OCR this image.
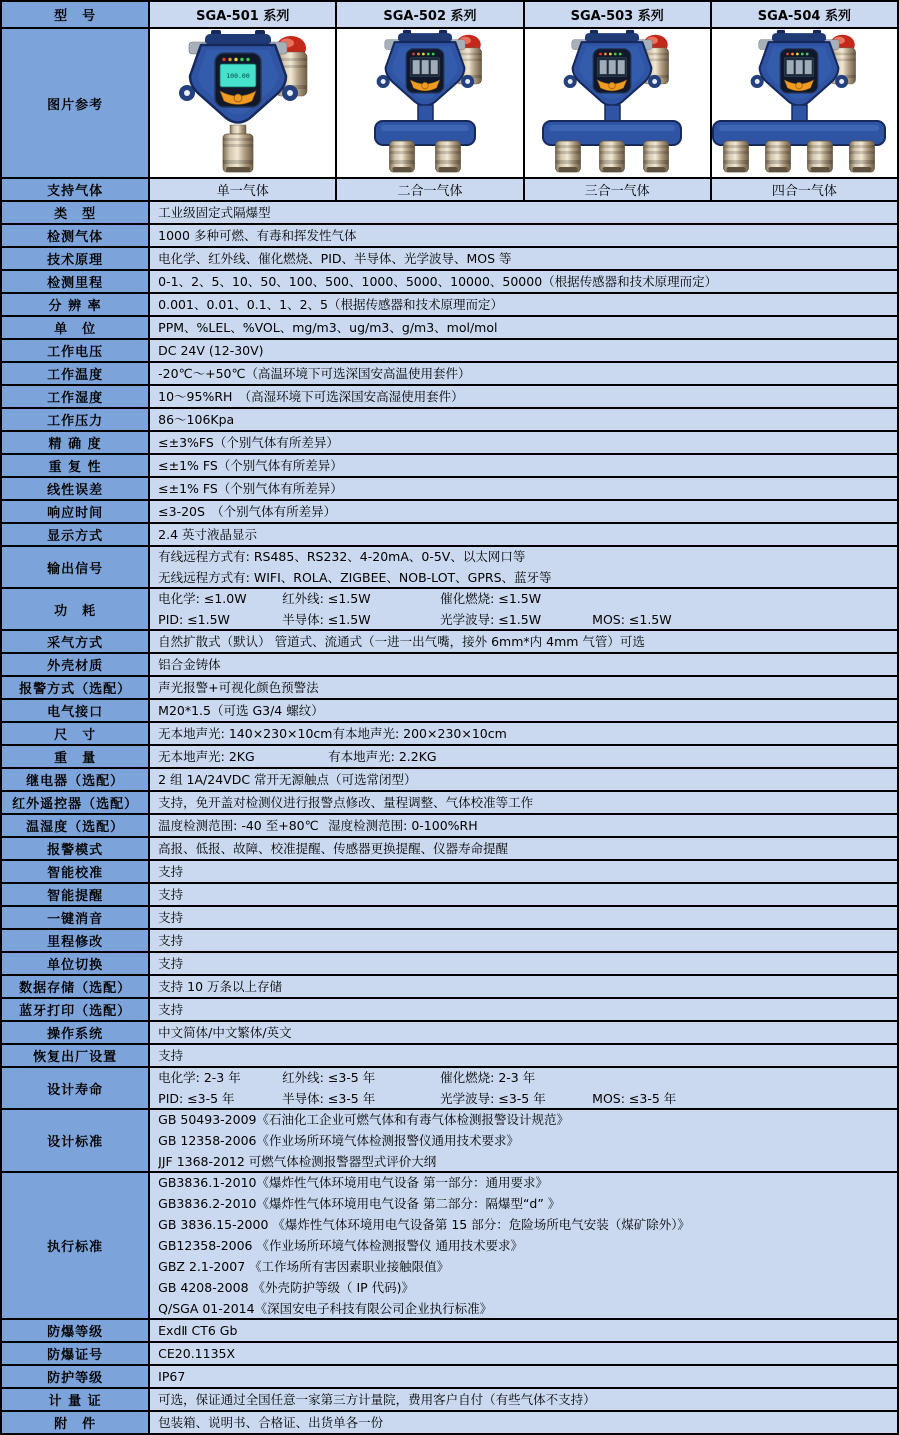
型　号	SGA-501 系列	SGA-502 系列	SGA-503 系列	SGA-504 系列
图片参考	100.00

支持气体	单一气体	二合一气体	三合一气体	四合一气体
类　型	工业级固定式隔爆型			

检测气体	1000 多种可燃、有毒和挥发性气体			

技术原理	电化学、红外线、催化燃烧、PID、半导体、光学波导、MOS 等			

检测里程	0-1、2、5、10、50、100、500、1000、5000、10000、50000（根据传感器和技术原理而定）			

分 辨 率	0.001、0.01、0.1、1、2、5（根据传感器和技术原理而定）			

单　位	PPM、%LEL、%VOL、mg/m3、ug/m3、g/m3、mol/mol			

工作电压	DC 24V (12-30V)			

工作温度	-20℃～+50℃（高温环境下可选深国安高温使用套件）			

工作湿度	10～95%RH　（高湿环境下可选深国安高湿使用套件）			

工作压力	86～106Kpa			

精 确 度	≤±3%FS（个别气体有所差异）			

重 复 性	≤±1% FS（个别气体有所差异）			

线性误差	≤±1% FS（个别气体有所差异）			

响应时间	≤3-20S　（个别气体有所差异）			

显示方式	2.4 英寸液晶显示			

输出信号	有线远程方式有: RS485、RS232、4-20mA、0-5V、以太网口等
无线远程方式有: WIFI、ROLA、ZIGBEE、NOB-LOT、GPRS、蓝牙等			

功　耗	电化学: ≤1.0W 红外线: ≤1.5W 催化燃烧: ≤1.5W
PID: ≤1.5W 半导体: ≤1.5W 光学波导: ≤1.5W MOS: ≤1.5W			

采气方式	自然扩散式（默认） 管道式、流通式（一进一出气嘴，接外 6mm*内 4mm 气管）可选			

外壳材质	铝合金铸体			

报警方式（选配）	声光报警+可视化颜色预警法			

电气接口	M20*1.5（可选 G3/4 螺纹）			

尺　寸	无本地声光: 140×230×10cm有本地声光: 200×230×10cm			

重　量	无本地声光: 2KG 有本地声光: 2.2KG			

继电器（选配）	2 组 1A/24VDC 常开无源触点（可选常闭型）			

红外遥控器（选配）	支持，免开盖对检测仪进行报警点修改、量程调整、气体校准等工作			

温湿度（选配）	温度检测范围: -40 至+80℃ 湿度检测范围: 0-100%RH			

报警模式	高报、低报、故障、校准提醒、传感器更换提醒、仪器寿命提醒			

智能校准	支持			

智能提醒	支持			

一键消音	支持			

里程修改	支持			

单位切换	支持			

数据存储（选配）	支持 10 万条以上存储			

蓝牙打印（选配）	支持			

操作系统	中文简体/中文繁体/英文			

恢复出厂设置	支持			

设计寿命	电化学: 2-3 年 红外线: ≤3-5 年 催化燃烧: 2-3 年
PID: ≤3-5 年 半导体: ≤3-5 年 光学波导: ≤3-5 年 MOS: ≤3-5 年			

设计标准	GB 50493-2009《石油化工企业可燃气体和有毒气体检测报警设计规范》
GB 12358-2006《作业场所环境气体检测报警仪通用技术要求》
JJF 1368-2012 可燃气体检测报警器型式评价大纲			

执行标准	
GB3836.1-2010《爆炸性气体环境用电气设备 第一部分：通用要求》
GB3836.2-2010《爆炸性气体环境用电气设备 第二部分：隔爆型“d” 》
GB 3836.15-2000 《爆炸性气体环境用电气设备第 15 部分：危险场所电气安装（煤矿除外）》
GB12358-2006 《作业场所环境气体检测报警仪 通用技术要求》
GBZ 2.1-2007 《工作场所有害因素职业接触限值》
GB 4208-2008 《外壳防护等级（ IP 代码)》
Q/SGA 01-2014《深国安电子科技有限公司企业执行标准》

防爆等级	ExdⅡ CT6 Gb			

防爆证号	CE20.1135X			

防护等级	IP67			

计 量 证	可选，保证通过全国任意一家第三方计量院，费用客户自付（有些气体不支持）			

附　件	包装箱、说明书、合格证、出货单各一份			
